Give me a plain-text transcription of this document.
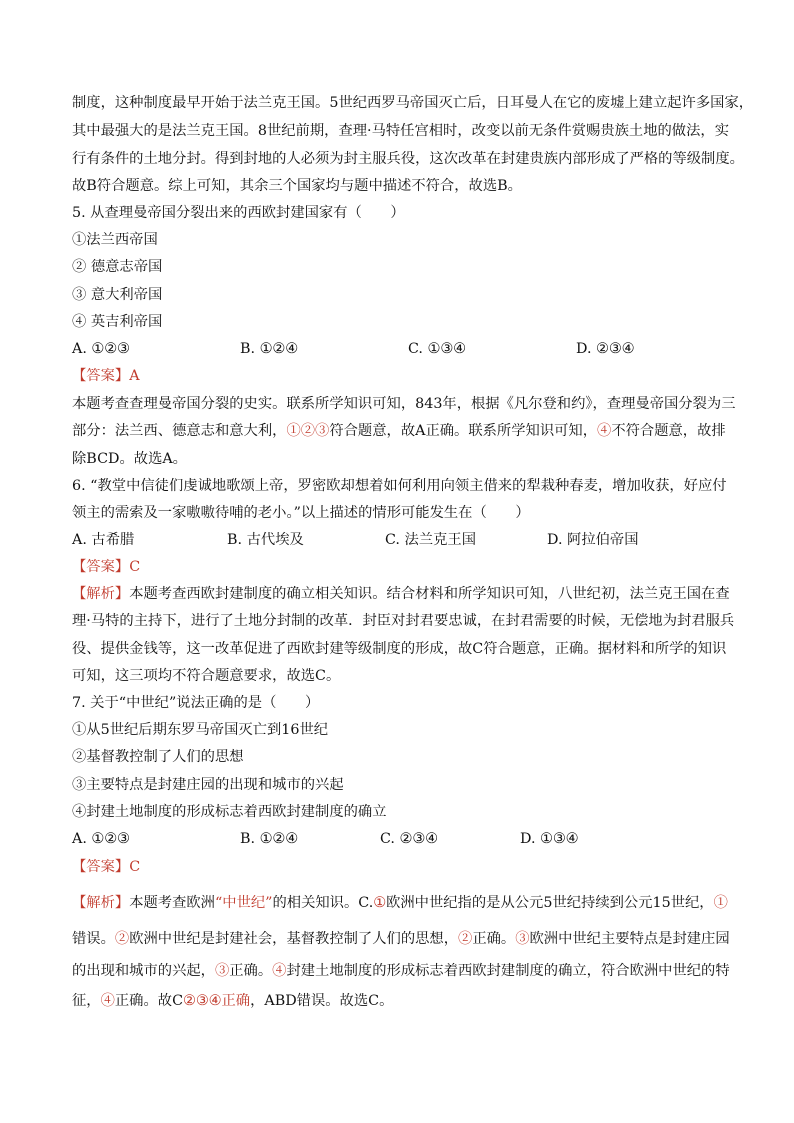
制度，这种制度最早开始于法兰克王国。5世纪西罗马帝国灭亡后，日耳曼人在它的废墟上建立起许多国家，
其中最强大的是法兰克王国。8世纪前期，查理·马特任宫相时，改变以前无条件赏赐贵族土地的做法，实
行有条件的土地分封。得到封地的人必须为封主服兵役，这次改革在封建贵族内部形成了严格的等级制度。
故B符合题意。综上可知，其余三个国家均与题中描述不符合，故选B。
5. 从查理曼帝国分裂出来的西欧封建国家有（　　）
①法兰西帝国
② 德意志帝国
③ 意大利帝国
④ 英吉利帝国
A. ①②③	B. ①②④	C. ①③④	D. ②③④
【答案】A
本题考查查理曼帝国分裂的史实。联系所学知识可知，843年，根据《凡尔登和约》，查理曼帝国分裂为三
部分：法兰西、德意志和意大利，①②③符合题意，故A正确。联系所学知识可知，④不符合题意，故排
除BCD。故选A。
6. “教堂中信徒们虔诚地歌颂上帝，罗密欧却想着如何利用向领主借来的犁栽种春麦，增加收获，好应付
领主的需索及一家嗷嗷待哺的老小。”以上描述的情形可能发生在（　　）
A. 古希腊	B. 古代埃及	C. 法兰克王国	D. 阿拉伯帝国
【答案】C
【解析】本题考查西欧封建制度的确立相关知识。结合材料和所学知识可知，八世纪初，法兰克王国在查
理·马特的主持下，进行了土地分封制的改革．封臣对封君要忠诚，在封君需要的时候，无偿地为封君服兵
役、提供金钱等，这一改革促进了西欧封建等级制度的形成，故C符合题意，正确。据材料和所学的知识
可知，这三项均不符合题意要求，故选C。
7. 关于“中世纪”说法正确的是（　　）
①从5世纪后期东罗马帝国灭亡到16世纪
②基督教控制了人们的思想
③主要特点是封建庄园的出现和城市的兴起
④封建土地制度的形成标志着西欧封建制度的确立
A. ①②③	B. ①②④	C. ②③④	D. ①③④
【答案】C
【解析】本题考查欧洲“中世纪”的相关知识。C.①欧洲中世纪指的是从公元5世纪持续到公元15世纪，①
错误。②欧洲中世纪是封建社会，基督教控制了人们的思想，②正确。③欧洲中世纪主要特点是封建庄园
的出现和城市的兴起，③正确。④封建土地制度的形成标志着西欧封建制度的确立，符合欧洲中世纪的特
征，④正确。故C②③④正确，ABD错误。故选C。
